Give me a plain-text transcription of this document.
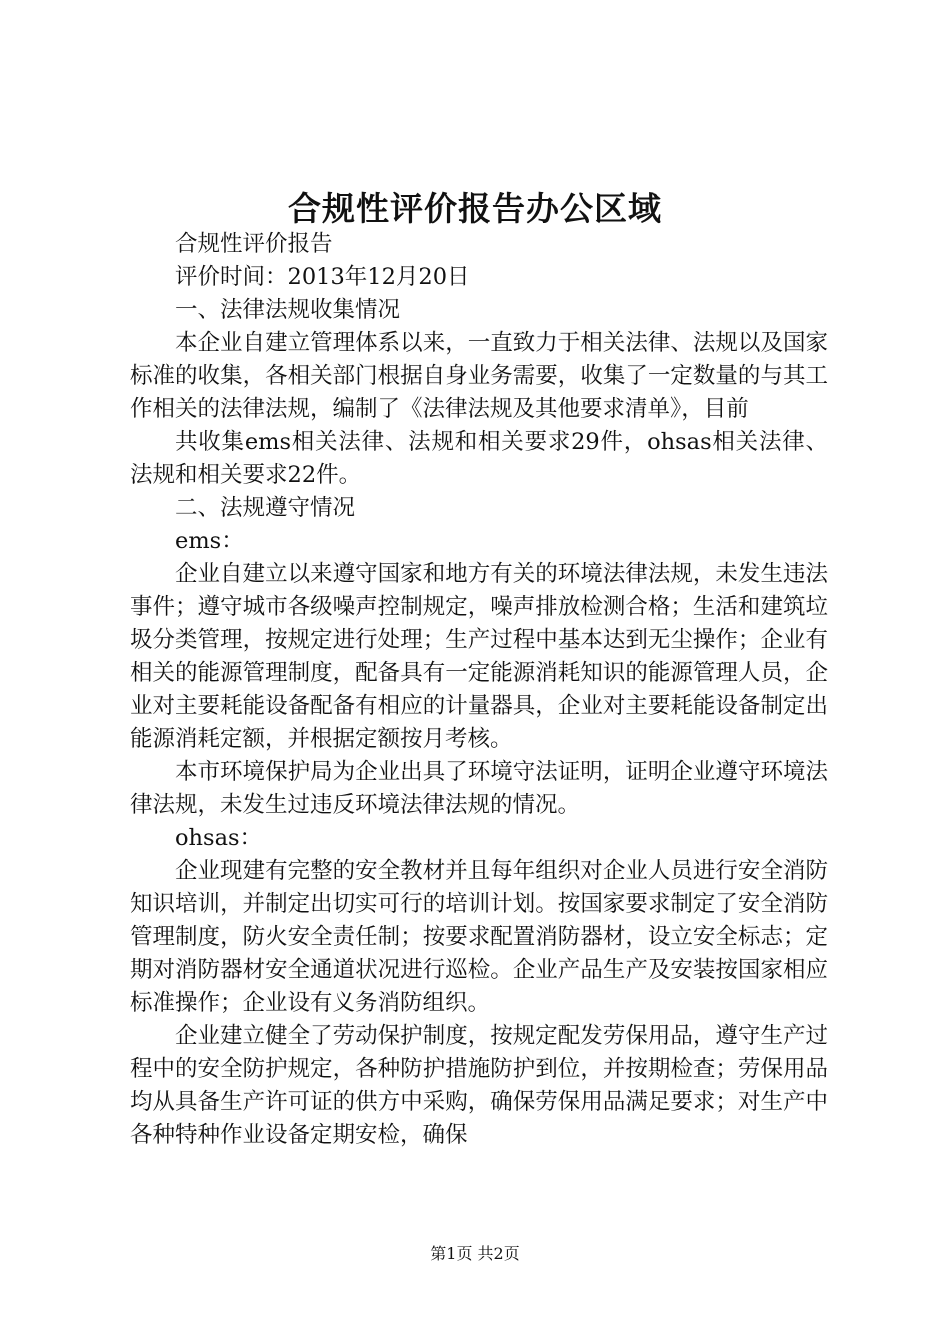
合规性评价报告办公区域

合规性评价报告

评价时间：2013年12月20日

一、法律法规收集情况

本企业自建立管理体系以来，一直致力于相关法律、法规以及国家标准的收集，各相关部门根据自身业务需要，收集了一定数量的与其工作相关的法律法规，编制了《法律法规及其他要求清单》，目前

共收集ems相关法律、法规和相关要求29件，ohsas相关法律、法规和相关要求22件。

二、法规遵守情况

ems：

企业自建立以来遵守国家和地方有关的环境法律法规，未发生违法事件；遵守城市各级噪声控制规定，噪声排放检测合格；生活和建筑垃圾分类管理，按规定进行处理；生产过程中基本达到无尘操作；企业有相关的能源管理制度，配备具有一定能源消耗知识的能源管理人员，企业对主要耗能设备配备有相应的计量器具，企业对主要耗能设备制定出能源消耗定额，并根据定额按月考核。

本市环境保护局为企业出具了环境守法证明，证明企业遵守环境法律法规，未发生过违反环境法律法规的情况。

ohsas：

企业现建有完整的安全教材并且每年组织对企业人员进行安全消防知识培训，并制定出切实可行的培训计划。按国家要求制定了安全消防管理制度，防火安全责任制；按要求配置消防器材，设立安全标志；定期对消防器材安全通道状况进行巡检。企业产品生产及安装按国家相应标准操作；企业设有义务消防组织。

企业建立健全了劳动保护制度，按规定配发劳保用品，遵守生产过程中的安全防护规定，各种防护措施防护到位，并按期检查；劳保用品均从具备生产许可证的供方中采购，确保劳保用品满足要求；对生产中各种特种作业设备定期安检，确保

第1页 共2页
